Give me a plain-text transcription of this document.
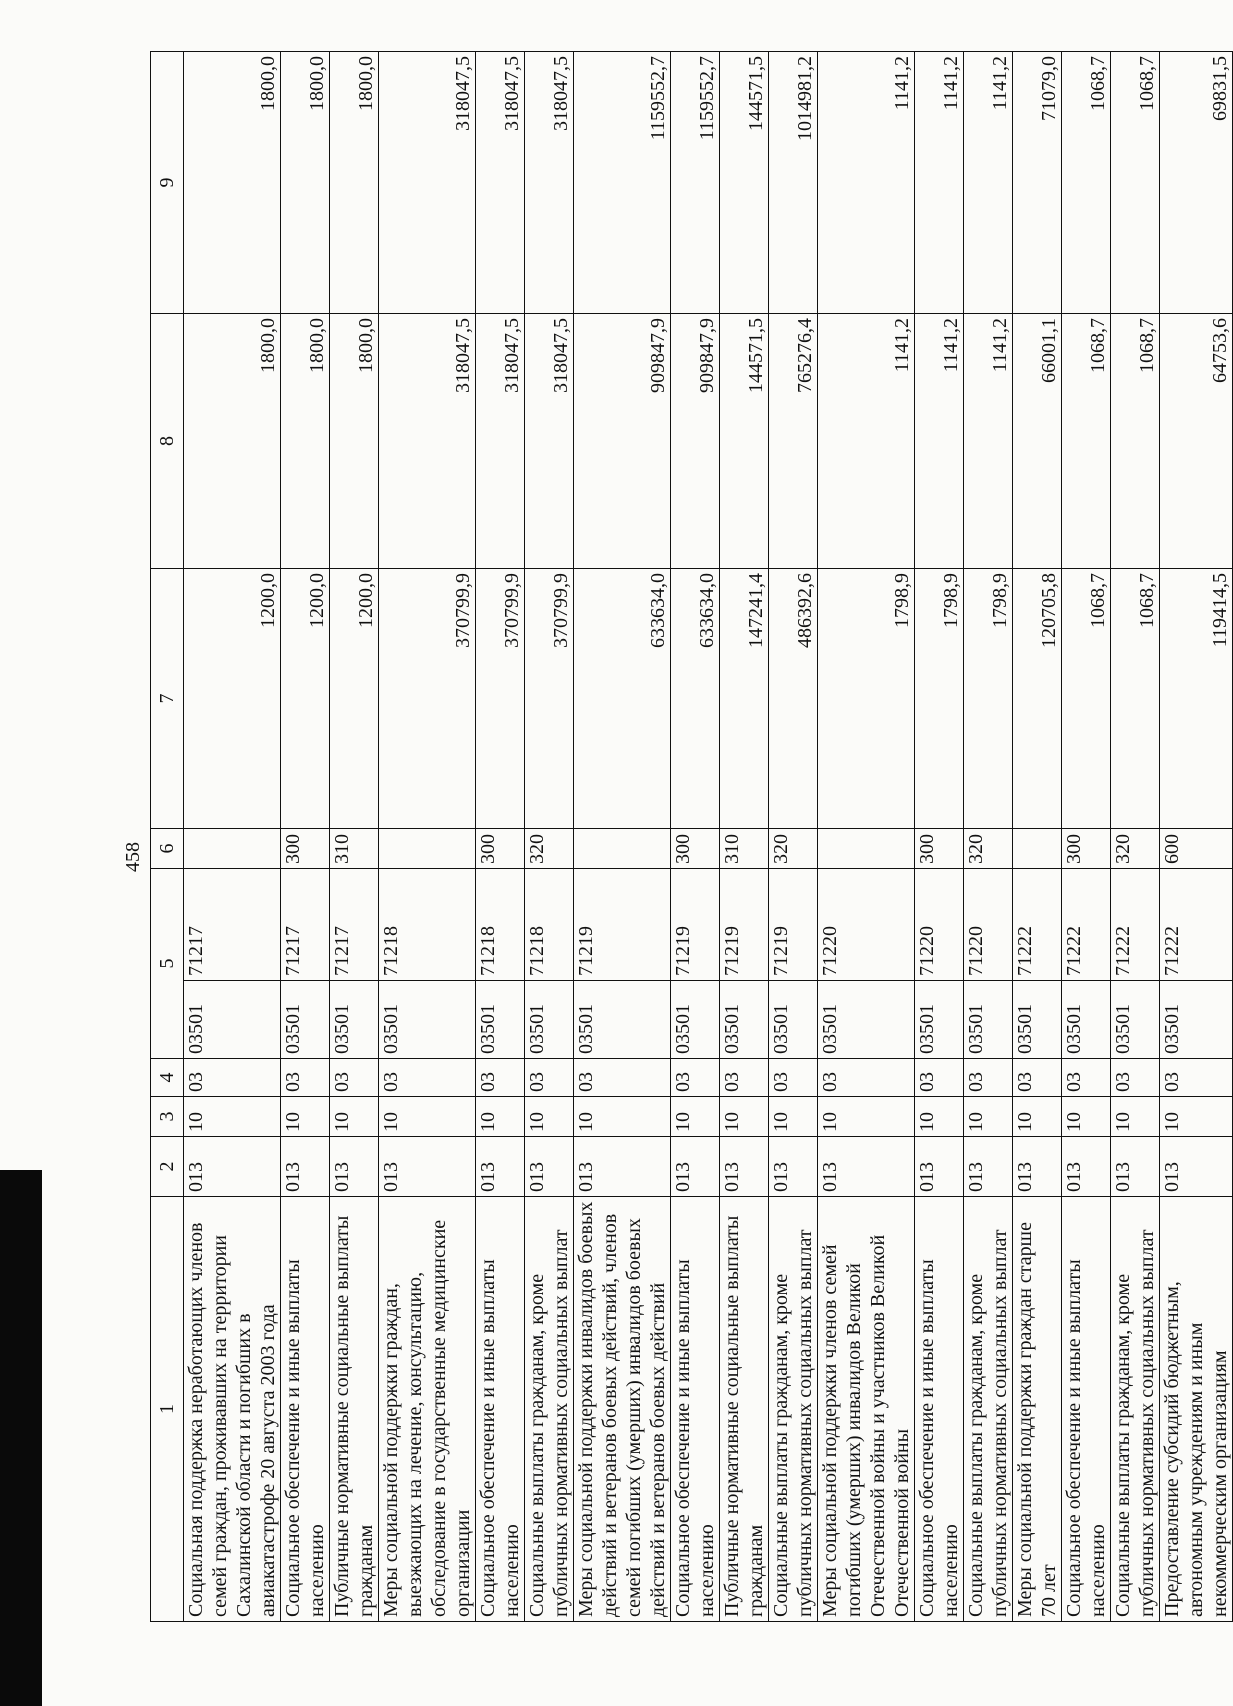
458
1	2	3	4	5		6	7	8	9
Социальная поддержка неработающих членов семей граждан, проживавших на территории Сахалинской области и погибших в авиакатастрофе 20 августа 2003 года	013	10	03	03501	71217		1200,0	1800,0	1800,0
Социальное обеспечение и иные выплаты населению	013	10	03	03501	71217	300	1200,0	1800,0	1800,0
Публичные нормативные социальные выплаты гражданам	013	10	03	03501	71217	310	1200,0	1800,0	1800,0
Меры социальной поддержки граждан, выезжающих на лечение, консультацию, обследование в государственные медицинские организации	013	10	03	03501	71218		370799,9	318047,5	318047,5
Социальное обеспечение и иные выплаты населению	013	10	03	03501	71218	300	370799,9	318047,5	318047,5
Социальные выплаты гражданам, кроме публичных нормативных социальных выплат	013	10	03	03501	71218	320	370799,9	318047,5	318047,5
Меры социальной поддержки инвалидов боевых действий и ветеранов боевых действий, членов семей погибших (умерших) инвалидов боевых действий и ветеранов боевых действий	013	10	03	03501	71219		633634,0	909847,9	1159552,7
Социальное обеспечение и иные выплаты населению	013	10	03	03501	71219	300	633634,0	909847,9	1159552,7
Публичные нормативные социальные выплаты гражданам	013	10	03	03501	71219	310	147241,4	144571,5	144571,5
Социальные выплаты гражданам, кроме публичных нормативных социальных выплат	013	10	03	03501	71219	320	486392,6	765276,4	1014981,2
Меры социальной поддержки членов семей погибших (умерших) инвалидов Великой Отечественной войны и участников Великой Отечественной войны	013	10	03	03501	71220		1798,9	1141,2	1141,2
Социальное обеспечение и иные выплаты населению	013	10	03	03501	71220	300	1798,9	1141,2	1141,2
Социальные выплаты гражданам, кроме публичных нормативных социальных выплат	013	10	03	03501	71220	320	1798,9	1141,2	1141,2
Меры социальной поддержки граждан старше 70 лет	013	10	03	03501	71222		120705,8	66001,1	71079,0
Социальное обеспечение и иные выплаты населению	013	10	03	03501	71222	300	1068,7	1068,7	1068,7
Социальные выплаты гражданам, кроме публичных нормативных социальных выплат	013	10	03	03501	71222	320	1068,7	1068,7	1068,7
Предоставление субсидий бюджетным, автономным учреждениям и иным некоммерческим организациям	013	10	03	03501	71222	600	119414,5	64753,6	69831,5
